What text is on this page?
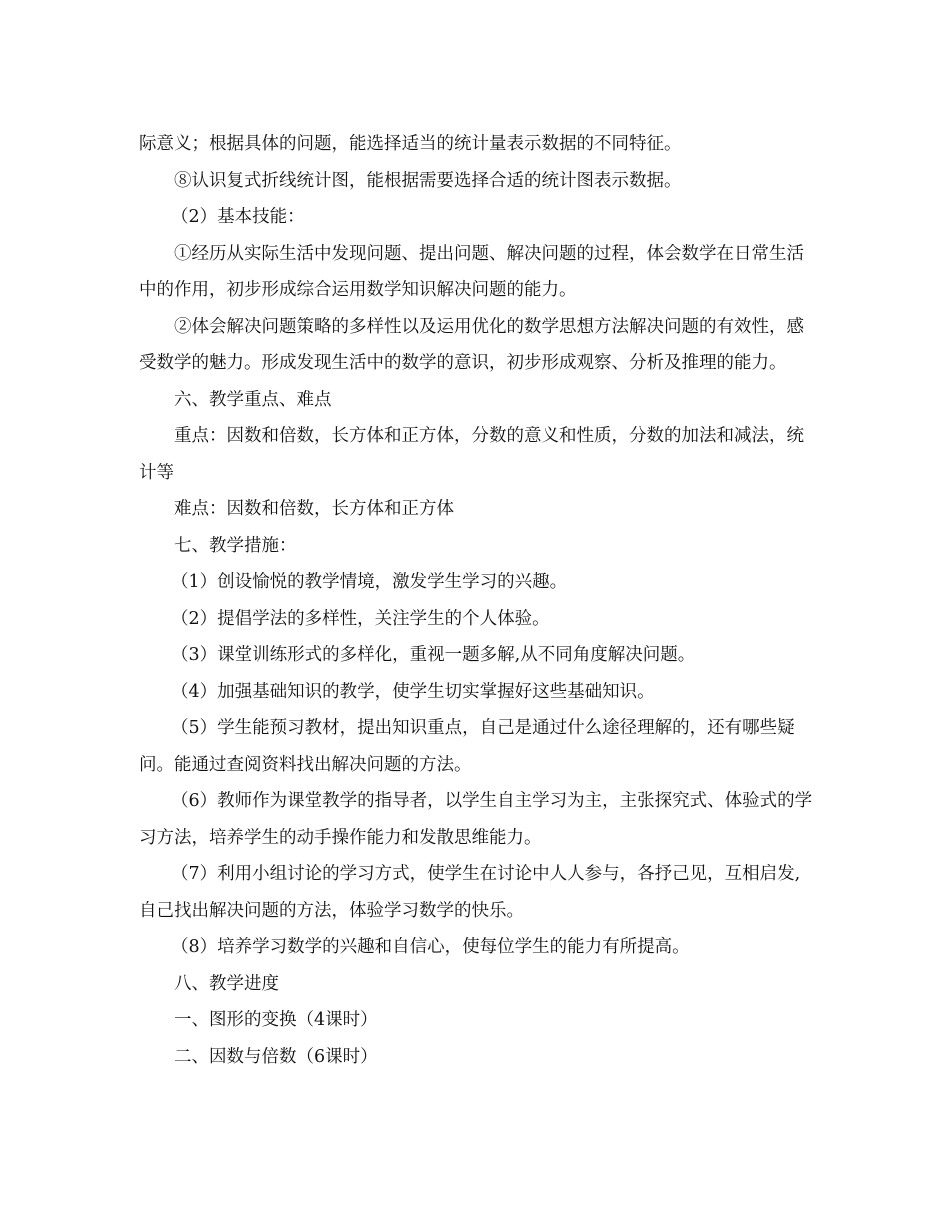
际意义；根据具体的问题，能选择适当的统计量表示数据的不同特征。

⑧认识复式折线统计图，能根据需要选择合适的统计图表示数据。

（2）基本技能：

①经历从实际生活中发现问题、提出问题、解决问题的过程，体会数学在日常生活中的作用，初步形成综合运用数学知识解决问题的能力。

②体会解决问题策略的多样性以及运用优化的数学思想方法解决问题的有效性，感受数学的魅力。形成发现生活中的数学的意识，初步形成观察、分析及推理的能力。

六、教学重点、难点

重点：因数和倍数，长方体和正方体，分数的意义和性质，分数的加法和减法，统计等

难点：因数和倍数，长方体和正方体

七、教学措施：

（1）创设愉悦的教学情境，激发学生学习的兴趣。

（2）提倡学法的多样性，关注学生的个人体验。

（3）课堂训练形式的多样化，重视一题多解,从不同角度解决问题。

（4）加强基础知识的教学，使学生切实掌握好这些基础知识。

（5）学生能预习教材，提出知识重点，自己是通过什么途径理解的，还有哪些疑问。能通过查阅资料找出解决问题的方法。

（6）教师作为课堂教学的指导者，以学生自主学习为主，主张探究式、体验式的学习方法，培养学生的动手操作能力和发散思维能力。

（7）利用小组讨论的学习方式，使学生在讨论中人人参与，各抒己见，互相启发, 自己找出解决问题的方法，体验学习数学的快乐。

（8）培养学习数学的兴趣和自信心，使每位学生的能力有所提高。

八、教学进度

一、图形的变换（4课时）

二、因数与倍数（6课时）
